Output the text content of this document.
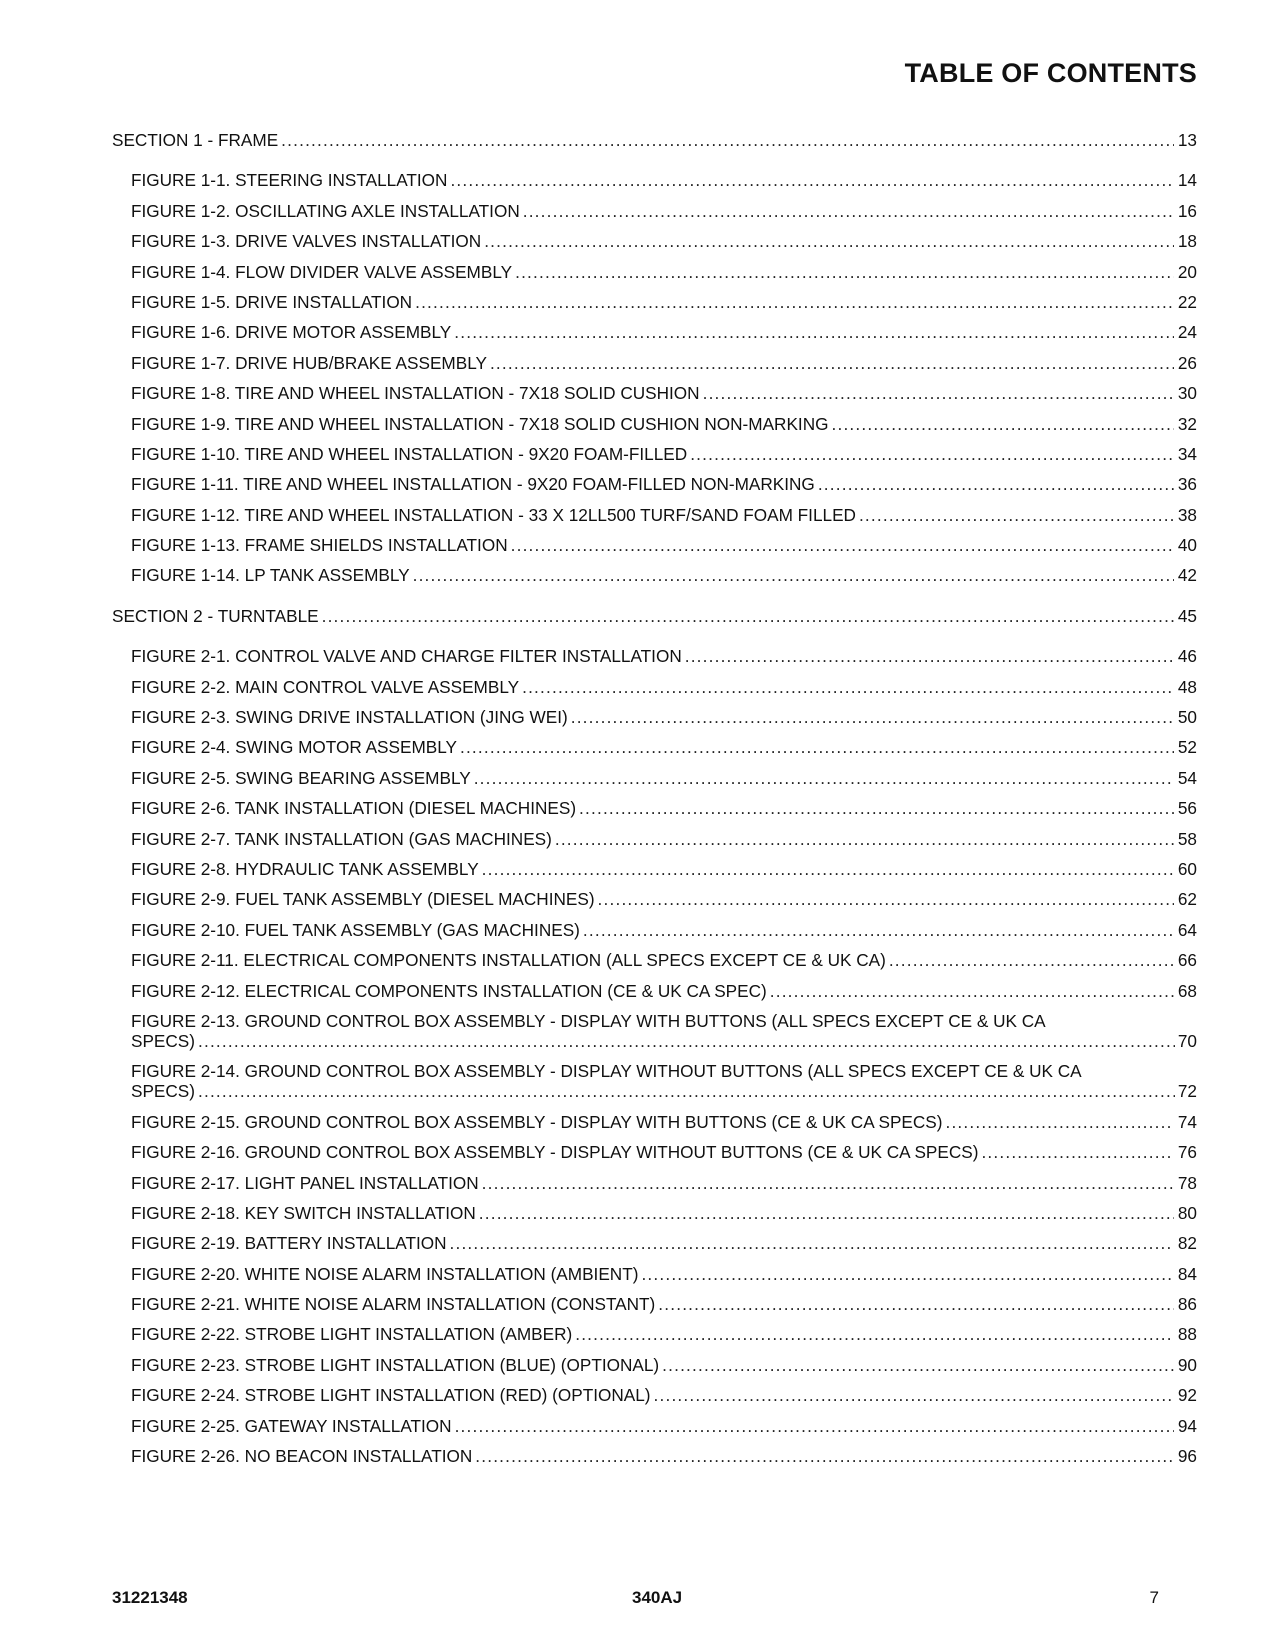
TABLE OF CONTENTS
SECTION 1 - FRAME .....	13
FIGURE 1-1. STEERING INSTALLATION .....	14
FIGURE 1-2. OSCILLATING AXLE INSTALLATION .....	16
FIGURE 1-3. DRIVE VALVES INSTALLATION .....	18
FIGURE 1-4. FLOW DIVIDER VALVE ASSEMBLY .....	20
FIGURE 1-5. DRIVE INSTALLATION .....	22
FIGURE 1-6. DRIVE MOTOR ASSEMBLY .....	24
FIGURE 1-7. DRIVE HUB/BRAKE ASSEMBLY .....	26
FIGURE 1-8. TIRE AND WHEEL INSTALLATION - 7X18 SOLID CUSHION .....	30
FIGURE 1-9. TIRE AND WHEEL INSTALLATION - 7X18 SOLID CUSHION NON-MARKING .....	32
FIGURE 1-10. TIRE AND WHEEL INSTALLATION - 9X20 FOAM-FILLED .....	34
FIGURE 1-11. TIRE AND WHEEL INSTALLATION - 9X20 FOAM-FILLED NON-MARKING .....	36
FIGURE 1-12. TIRE AND WHEEL INSTALLATION - 33 X 12LL500 TURF/SAND FOAM FILLED .....	38
FIGURE 1-13. FRAME SHIELDS INSTALLATION .....	40
FIGURE 1-14. LP TANK ASSEMBLY .....	42
SECTION 2 - TURNTABLE .....	45
FIGURE 2-1. CONTROL VALVE AND CHARGE FILTER INSTALLATION .....	46
FIGURE 2-2. MAIN CONTROL VALVE ASSEMBLY .....	48
FIGURE 2-3. SWING DRIVE INSTALLATION (JING WEI) .....	50
FIGURE 2-4. SWING MOTOR ASSEMBLY .....	52
FIGURE 2-5. SWING BEARING ASSEMBLY .....	54
FIGURE 2-6. TANK INSTALLATION (DIESEL MACHINES) .....	56
FIGURE 2-7. TANK INSTALLATION (GAS MACHINES) .....	58
FIGURE 2-8. HYDRAULIC TANK ASSEMBLY .....	60
FIGURE 2-9. FUEL TANK ASSEMBLY (DIESEL MACHINES) .....	62
FIGURE 2-10. FUEL TANK ASSEMBLY (GAS MACHINES) .....	64
FIGURE 2-11. ELECTRICAL COMPONENTS INSTALLATION (ALL SPECS EXCEPT CE & UK CA) .....	66
FIGURE 2-12. ELECTRICAL COMPONENTS INSTALLATION (CE & UK CA SPEC) .....	68
FIGURE 2-13. GROUND CONTROL BOX ASSEMBLY - DISPLAY WITH BUTTONS (ALL SPECS EXCEPT CE & UK CA
SPECS) .....	70
FIGURE 2-14. GROUND CONTROL BOX ASSEMBLY - DISPLAY WITHOUT BUTTONS (ALL SPECS EXCEPT CE & UK CA
SPECS) .....	72
FIGURE 2-15. GROUND CONTROL BOX ASSEMBLY - DISPLAY WITH BUTTONS (CE & UK CA SPECS) .....	74
FIGURE 2-16. GROUND CONTROL BOX ASSEMBLY - DISPLAY WITHOUT BUTTONS (CE & UK CA SPECS) .....	76
FIGURE 2-17. LIGHT PANEL INSTALLATION .....	78
FIGURE 2-18. KEY SWITCH INSTALLATION .....	80
FIGURE 2-19. BATTERY INSTALLATION .....	82
FIGURE 2-20. WHITE NOISE ALARM INSTALLATION (AMBIENT) .....	84
FIGURE 2-21. WHITE NOISE ALARM INSTALLATION (CONSTANT) .....	86
FIGURE 2-22. STROBE LIGHT INSTALLATION (AMBER) .....	88
FIGURE 2-23. STROBE LIGHT INSTALLATION (BLUE) (OPTIONAL) .....	90
FIGURE 2-24. STROBE LIGHT INSTALLATION (RED) (OPTIONAL) .....	92
FIGURE 2-25. GATEWAY INSTALLATION .....	94
FIGURE 2-26. NO BEACON INSTALLATION .....	96
31221348	340AJ	7
